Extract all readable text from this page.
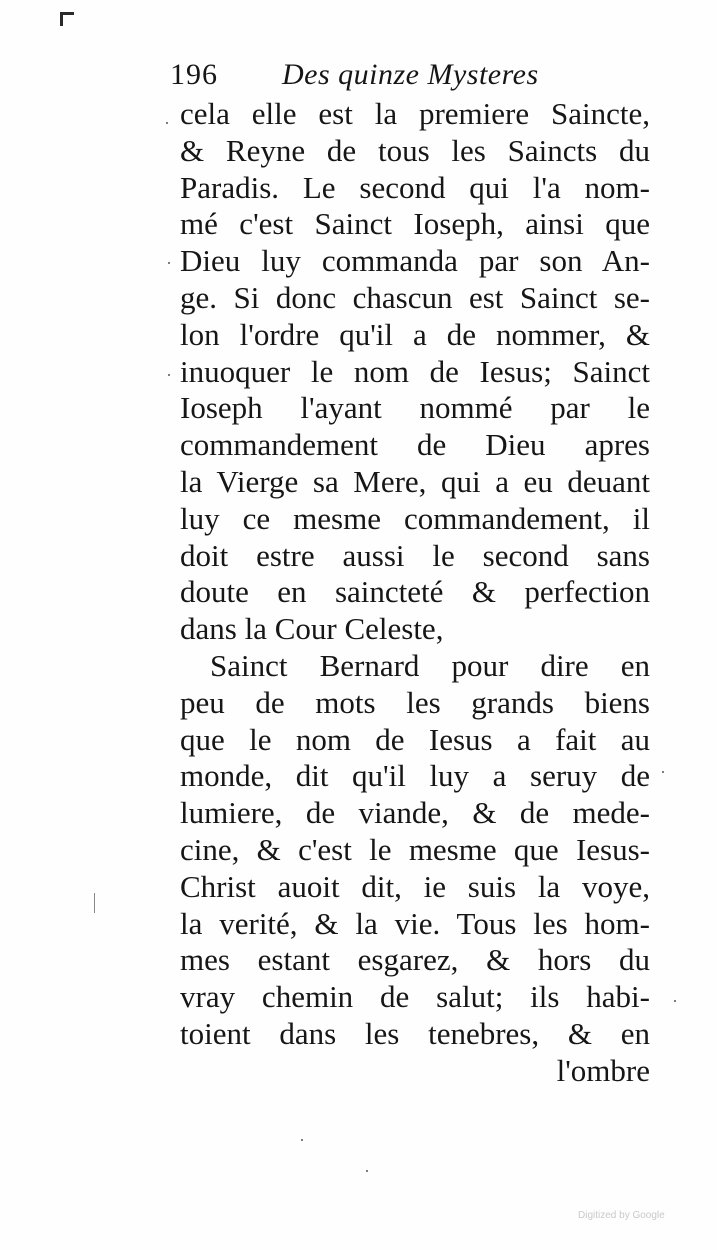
196 Des quinze Mysteres
cela elle est la premiere Saincte,
& Reyne de tous les Saincts du
Paradis. Le second qui l'a nom-
mé c'est Sainct Ioseph, ainsi que
Dieu luy commanda par son An-
ge. Si donc chascun est Sainct se-
lon l'ordre qu'il a de nommer, &
inuoquer le nom de Iesus; Sainct
Ioseph l'ayant nommé par le
commandement de Dieu apres
la Vierge sa Mere, qui a eu deuant
luy ce mesme commandement, il
doit estre aussi le second sans
doute en saincteté & perfection
dans la Cour Celeste,
Sainct Bernard pour dire en
peu de mots les grands biens
que le nom de Iesus a fait au
monde, dit qu'il luy a seruy de
lumiere, de viande, & de mede-
cine, & c'est le mesme que Iesus-
Christ auoit dit, ie suis la voye,
la verité, & la vie. Tous les hom-
mes estant esgarez, & hors du
vray chemin de salut; ils habi-
toient dans les tenebres, & en
l'ombre
Digitized by Google
